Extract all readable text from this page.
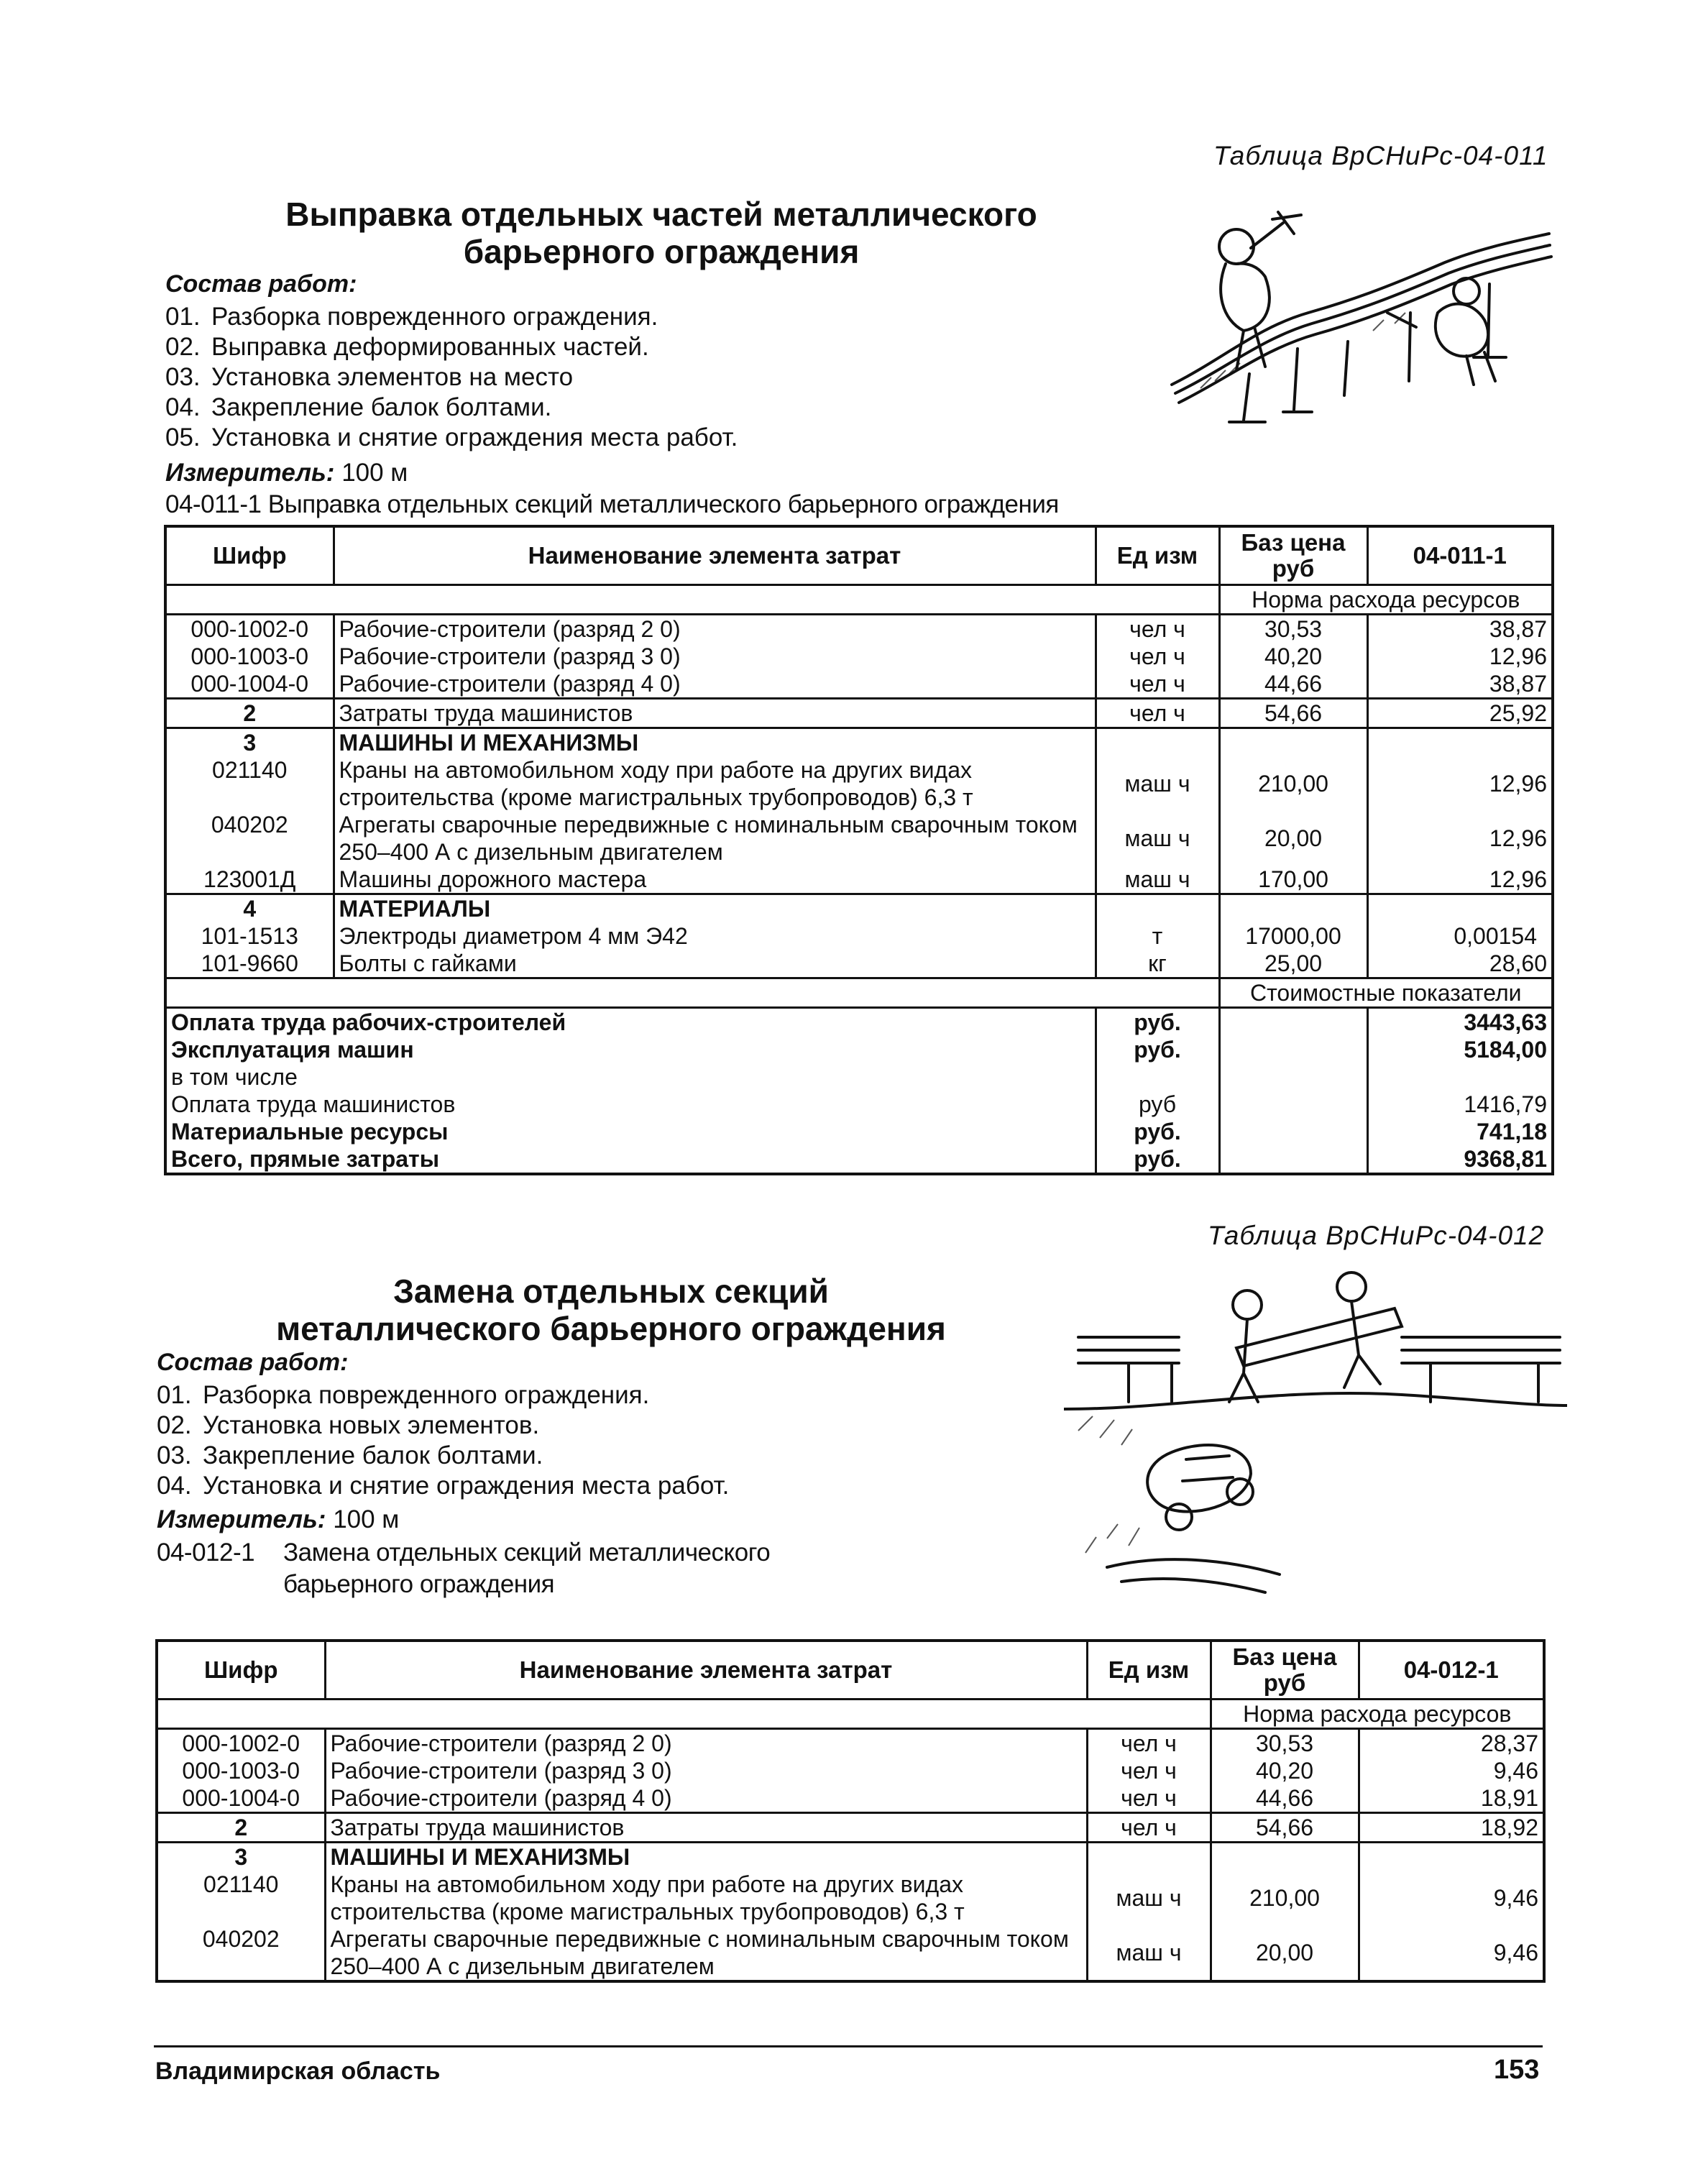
Таблица ВрСНиРс-04-011
Выправка отдельных частей металлического
барьерного ограждения
Состав работ:
01. Разборка поврежденного ограждения.
02. Выправка деформированных частей.
03. Установка элементов на место
04. Закрепление балок болтами.
05. Установка и снятие ограждения места работ.
Измеритель: 100 м
04-011-1 Выправка отдельных секций металлического барьерного ограждения
Шифр	Наименование элемента затрат	Ед изм	Баз цена руб	04-011-1
			Норма расхода ресурсов	
000-1002-0	Рабочие-строители (разряд 2 0)	чел ч	30,53	38,87
000-1003-0	Рабочие-строители (разряд 3 0)	чел ч	40,20	12,96
000-1004-0	Рабочие-строители (разряд 4 0)	чел ч	44,66	38,87
2	Затраты труда машинистов	чел ч	54,66	25,92
3	МАШИНЫ И МЕХАНИЗМЫ			
021140	Краны на автомобильном ходу при работе на других видах строительства (кроме магистральных трубопроводов) 6,3 т	маш ч	210,00	12,96
040202	Агрегаты сварочные передвижные с номинальным сварочным током 250–400 А с дизельным двигателем	маш ч	20,00	12,96
123001Д	Машины дорожного мастера	маш ч	170,00	12,96
4	МАТЕРИАЛЫ			
101-1513	Электроды диаметром 4 мм Э42	т	17000,00	0,00154
101-9660	Болты с гайками	кг	25,00	28,60
			Стоимостные показатели	
Оплата труда рабочих-строителей		руб.		3443,63
Эксплуатация машин		руб.		5184,00
в том числе				
Оплата труда машинистов		руб		1416,79
Материальные ресурсы		руб.		741,18
Всего, прямые затраты		руб.		9368,81
Таблица ВрСНиРс-04-012
Замена отдельных секций
металлического барьерного ограждения
Состав работ:
01. Разборка поврежденного ограждения.
02. Установка новых элементов.
03. Закрепление балок болтами.
04. Установка и снятие ограждения места работ.
Измеритель: 100 м
04-012-1 Замена отдельных секций металлического
барьерного ограждения
Шифр	Наименование элемента затрат	Ед изм	Баз цена руб	04-012-1
			Норма расхода ресурсов	
000-1002-0	Рабочие-строители (разряд 2 0)	чел ч	30,53	28,37
000-1003-0	Рабочие-строители (разряд 3 0)	чел ч	40,20	9,46
000-1004-0	Рабочие-строители (разряд 4 0)	чел ч	44,66	18,91
2	Затраты труда машинистов	чел ч	54,66	18,92
3	МАШИНЫ И МЕХАНИЗМЫ			
021140	Краны на автомобильном ходу при работе на других видах строительства (кроме магистральных трубопроводов) 6,3 т	маш ч	210,00	9,46
040202	Агрегаты сварочные передвижные с номинальным сварочным током 250–400 А с дизельным двигателем	маш ч	20,00	9,46
Владимирская область	153
